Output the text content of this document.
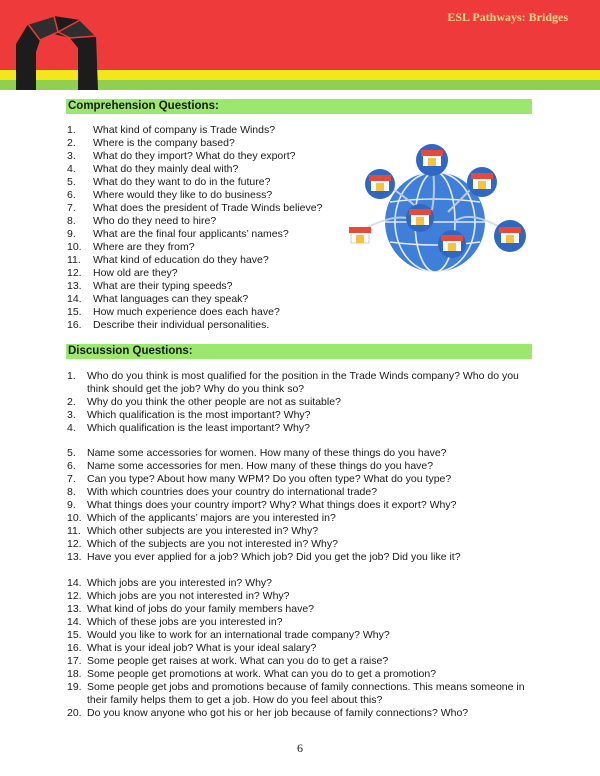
ESL Pathways: Bridges
Comprehension Questions:
1.	What kind of company is Trade Winds?
2.	Where is the company based?
3.	What do they import? What do they export?
4.	What do they mainly deal with?
5.	What do they want to do in the future?
6.	Where would they like to do business?
7.	What does the president of Trade Winds believe?
8.	Who do they need to hire?
9.	What are the final four applicants’ names?
10.	Where are they from?
11.	What kind of education do they have?
12.	How old are they?
13.	What are their typing speeds?
14.	What languages can they speak?
15.	How much experience does each have?
16.	Describe their individual personalities.
Discussion Questions:
1.	Who do you think is most qualified for the position in the Trade Winds company? Who do you think should get the job? Why do you think so?
2.	Why do you think the other people are not as suitable?
3.	Which qualification is the most important? Why?
4.	Which qualification is the least important? Why?
5.	Name some accessories for women. How many of these things do you have?
6.	Name some accessories for men. How many of these things do you have?
7.	Can you type? About how many WPM? Do you often type? What do you type?
8.	With which countries does your country do international trade?
9.	What things does your country import? Why? What things does it export? Why?
10. Which of the applicants’ majors are you interested in?
11. Which other subjects are you interested in? Why?
12. Which of the subjects are you not interested in? Why?
13. Have you ever applied for a job? Which job? Did you get the job? Did you like it?
14. Which jobs are you interested in? Why?
12. Which jobs are you not interested in? Why?
13. What kind of jobs do your family members have?
14. Which of these jobs are you interested in?
15. Would you like to work for an international trade company? Why?
16. What is your ideal job? What is your ideal salary?
17. Some people get raises at work. What can you do to get a raise?
18. Some people get promotions at work. What can you do to get a promotion?
19. Some people get jobs and promotions because of family connections. This means someone in their family helps them to get a job. How do you feel about this?
20. Do you know anyone who got his or her job because of family connections? Who?
6
